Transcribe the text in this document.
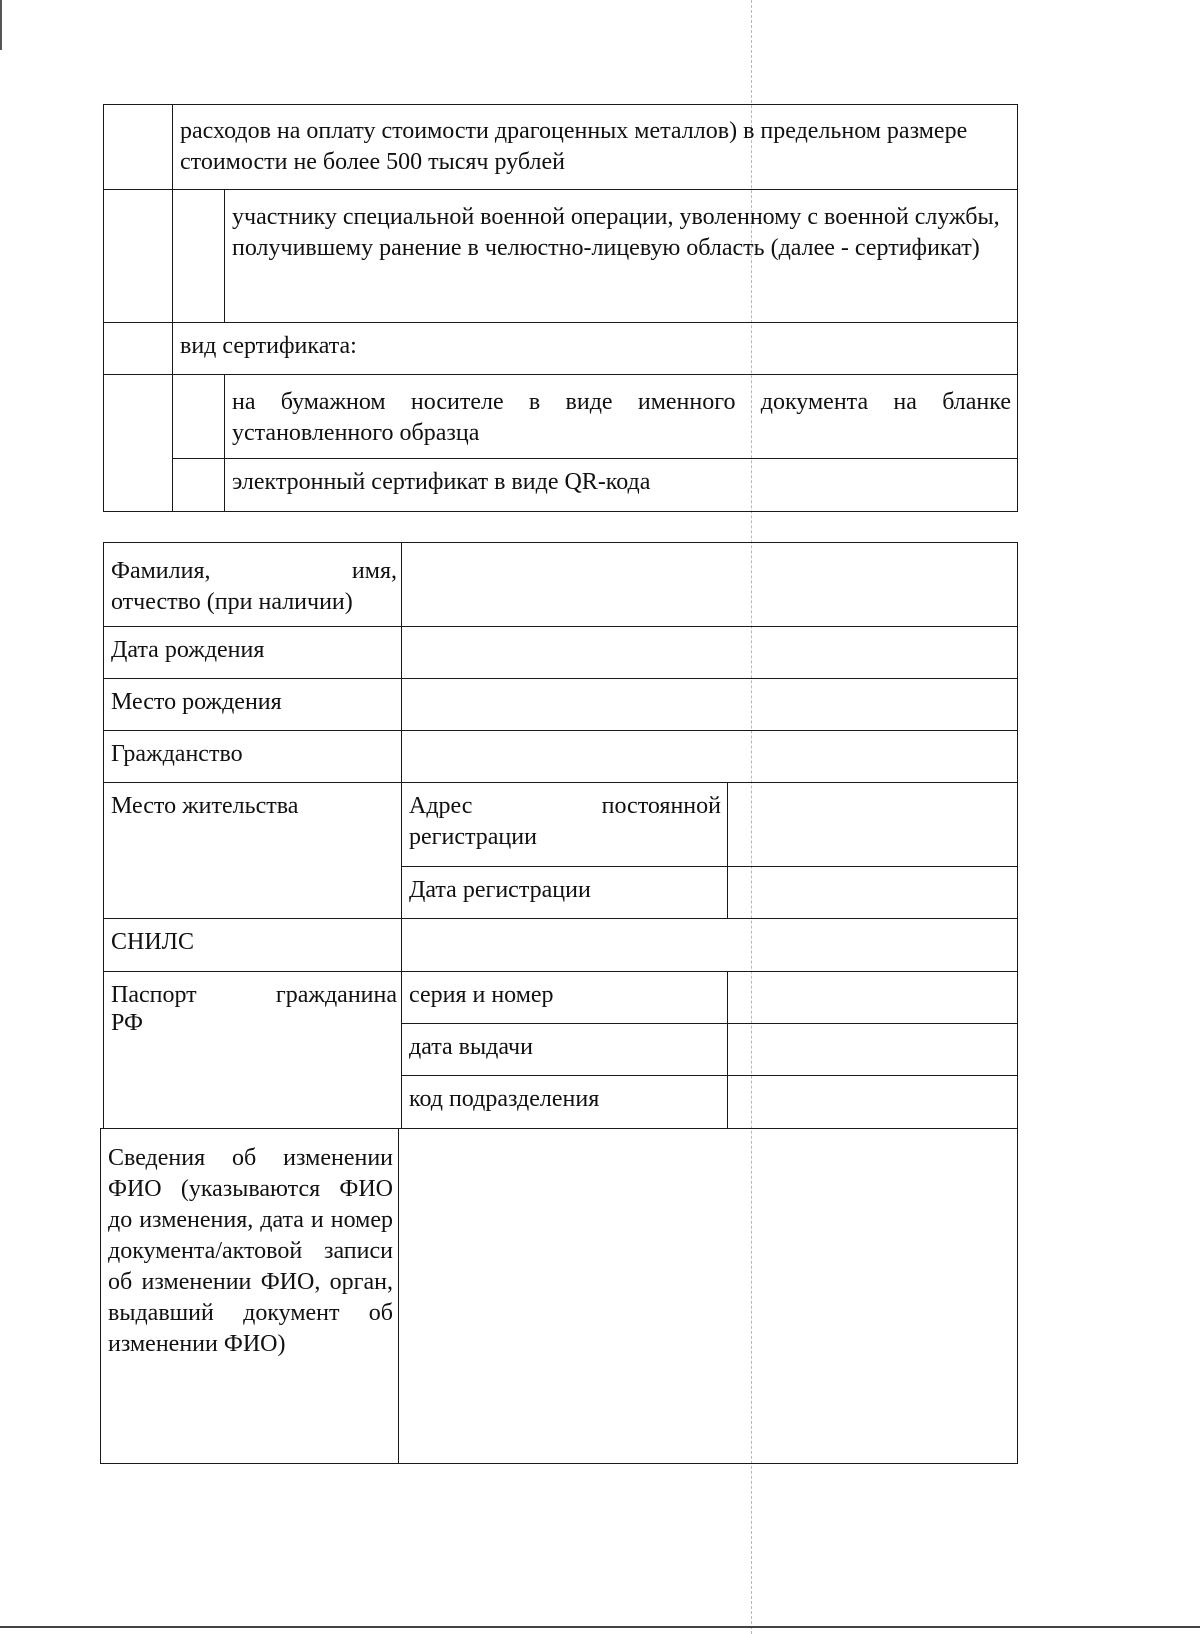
	расходов на оплату стоимости драгоценных металлов) в предельном размере стоимости не более 500 тысяч рублей	

		участнику специальной военной операции, уволенному с военной службы, получившему ранение в челюстно-лицевую область (далее - сертификат)

	вид сертификата:	

		на бумажном носителе в виде именного документа на бланке установленного образца

		электронный сертификат в виде QR-кода
Фамилия, имя,
отчество (при наличии)		

Дата рождения		

Место рождения		

Гражданство		

Место жительства	Адрес постоянной
регистрации	

	Дата регистрации	

СНИЛС		

Паспорт гражданина
РФ	серия и номер	

	дата выдачи	

	код подразделения	

Сведения об изменении ФИО (указываются ФИО до изменения, дата и номер документа/актовой записи об изменении ФИО, орган, выдавший документ об изменении ФИО)
